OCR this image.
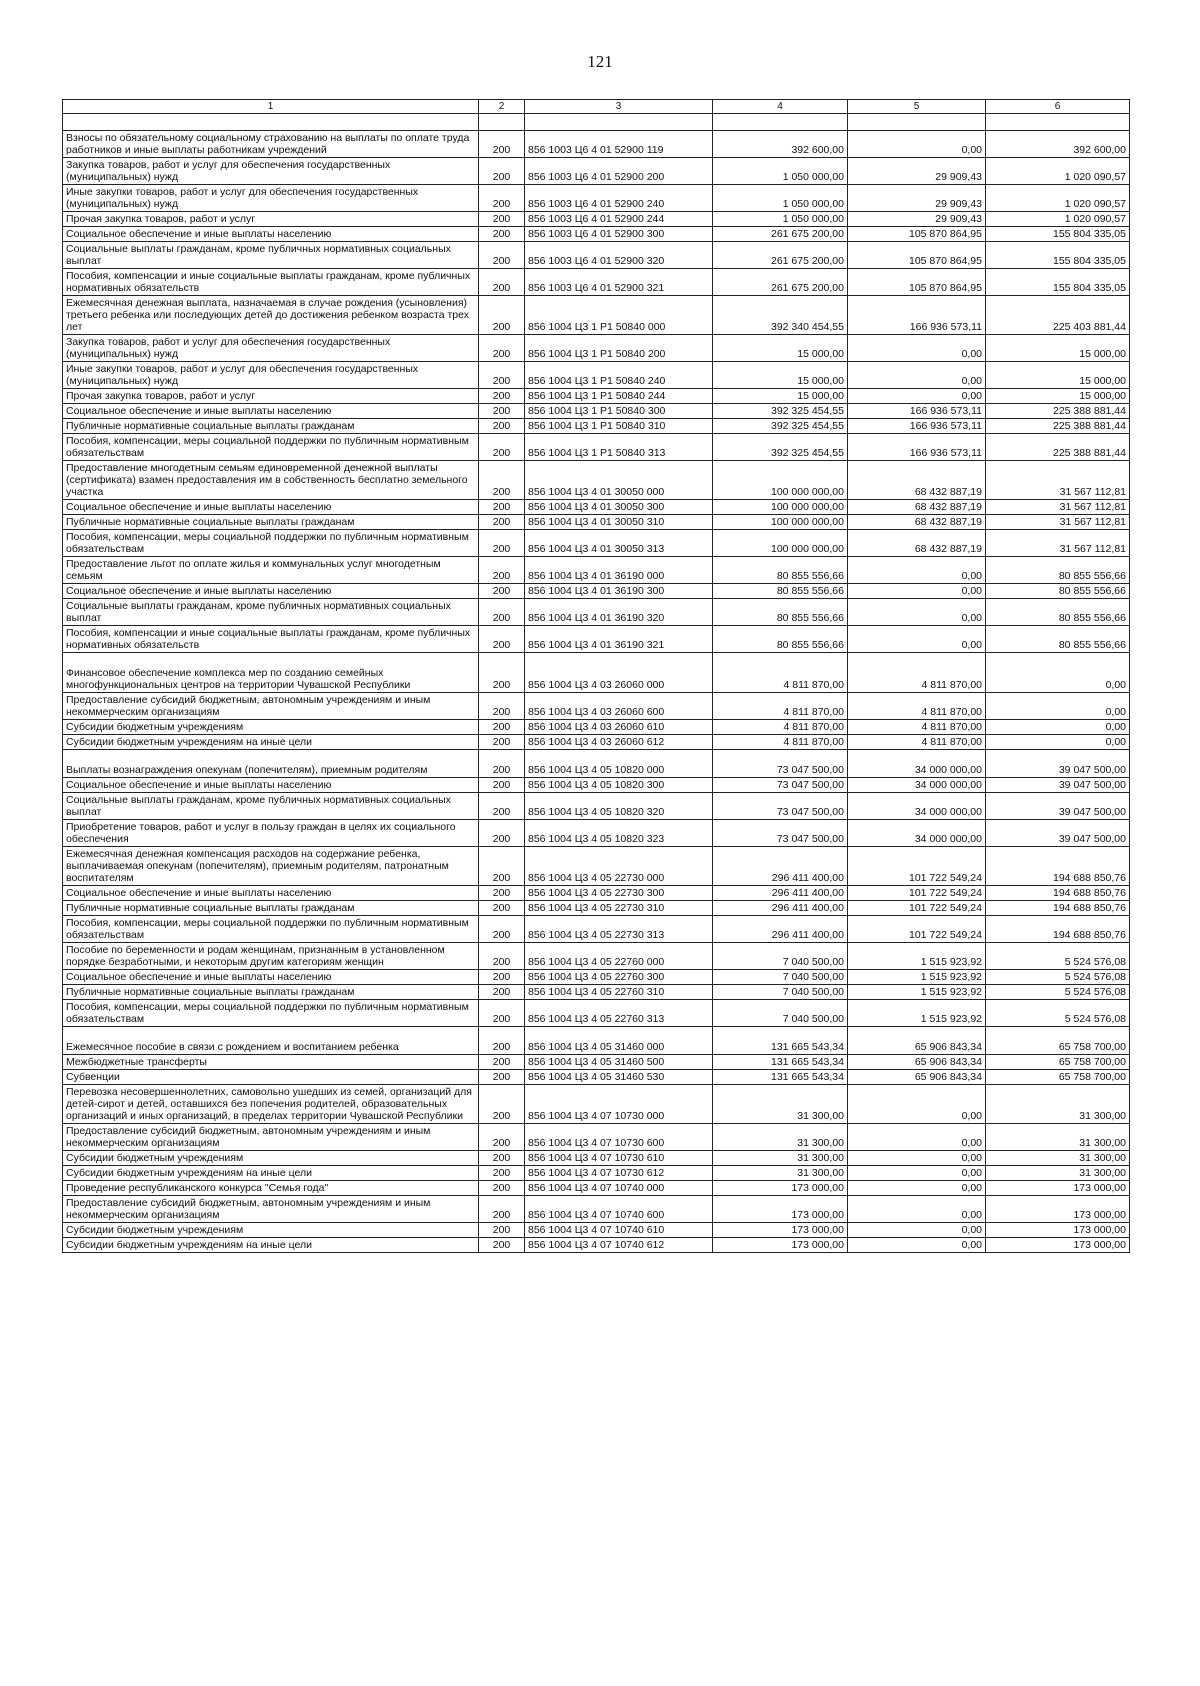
121
1	2	3	4	5	6

Взносы по обязательному социальному страхованию на выплаты по оплате труда работников и иные выплаты работникам учреждений	200	856 1003 Ц6 4 01 52900 119	392 600,00	0,00	392 600,00
Закупка товаров, работ и услуг для обеспечения государственных (муниципальных) нужд	200	856 1003 Ц6 4 01 52900 200	1 050 000,00	29 909,43	1 020 090,57
Иные закупки товаров, работ и услуг для обеспечения государственных (муниципальных) нужд	200	856 1003 Ц6 4 01 52900 240	1 050 000,00	29 909,43	1 020 090,57
Прочая закупка товаров, работ и услуг	200	856 1003 Ц6 4 01 52900 244	1 050 000,00	29 909,43	1 020 090,57
Социальное обеспечение и иные выплаты населению	200	856 1003 Ц6 4 01 52900 300	261 675 200,00	105 870 864,95	155 804 335,05
Социальные выплаты гражданам, кроме публичных нормативных социальных выплат	200	856 1003 Ц6 4 01 52900 320	261 675 200,00	105 870 864,95	155 804 335,05
Пособия, компенсации и иные социальные выплаты гражданам, кроме публичных нормативных обязательств	200	856 1003 Ц6 4 01 52900 321	261 675 200,00	105 870 864,95	155 804 335,05
Ежемесячная денежная выплата, назначаемая в случае рождения (усыновления) третьего ребенка или последующих детей до достижения ребенком возраста трех лет	200	856 1004 Ц3 1 P1 50840 000	392 340 454,55	166 936 573,11	225 403 881,44
Закупка товаров, работ и услуг для обеспечения государственных (муниципальных) нужд	200	856 1004 Ц3 1 P1 50840 200	15 000,00	0,00	15 000,00
Иные закупки товаров, работ и услуг для обеспечения государственных (муниципальных) нужд	200	856 1004 Ц3 1 P1 50840 240	15 000,00	0,00	15 000,00
Прочая закупка товаров, работ и услуг	200	856 1004 Ц3 1 P1 50840 244	15 000,00	0,00	15 000,00
Социальное обеспечение и иные выплаты населению	200	856 1004 Ц3 1 P1 50840 300	392 325 454,55	166 936 573,11	225 388 881,44
Публичные нормативные социальные выплаты гражданам	200	856 1004 Ц3 1 P1 50840 310	392 325 454,55	166 936 573,11	225 388 881,44
Пособия, компенсации, меры социальной поддержки по публичным нормативным обязательствам	200	856 1004 Ц3 1 P1 50840 313	392 325 454,55	166 936 573,11	225 388 881,44
Предоставление многодетным семьям единовременной денежной выплаты (сертификата) взамен предоставления им в собственность бесплатно земельного участка	200	856 1004 Ц3 4 01 30050 000	100 000 000,00	68 432 887,19	31 567 112,81
Социальное обеспечение и иные выплаты населению	200	856 1004 Ц3 4 01 30050 300	100 000 000,00	68 432 887,19	31 567 112,81
Публичные нормативные социальные выплаты гражданам	200	856 1004 Ц3 4 01 30050 310	100 000 000,00	68 432 887,19	31 567 112,81
Пособия, компенсации, меры социальной поддержки по публичным нормативным обязательствам	200	856 1004 Ц3 4 01 30050 313	100 000 000,00	68 432 887,19	31 567 112,81
Предоставление льгот по оплате жилья и коммунальных услуг многодетным семьям	200	856 1004 Ц3 4 01 36190 000	80 855 556,66	0,00	80 855 556,66
Социальное обеспечение и иные выплаты населению	200	856 1004 Ц3 4 01 36190 300	80 855 556,66	0,00	80 855 556,66
Социальные выплаты гражданам, кроме публичных нормативных социальных выплат	200	856 1004 Ц3 4 01 36190 320	80 855 556,66	0,00	80 855 556,66
Пособия, компенсации и иные социальные выплаты гражданам, кроме публичных нормативных обязательств	200	856 1004 Ц3 4 01 36190 321	80 855 556,66	0,00	80 855 556,66
Финансовое обеспечение комплекса мер по созданию семейных многофункциональных центров на территории Чувашской Республики	200	856 1004 Ц3 4 03 26060 000	4 811 870,00	4 811 870,00	0,00
Предоставление субсидий бюджетным, автономным учреждениям и иным некоммерческим организациям	200	856 1004 Ц3 4 03 26060 600	4 811 870,00	4 811 870,00	0,00
Субсидии бюджетным учреждениям	200	856 1004 Ц3 4 03 26060 610	4 811 870,00	4 811 870,00	0,00
Субсидии бюджетным учреждениям на иные цели	200	856 1004 Ц3 4 03 26060 612	4 811 870,00	4 811 870,00	0,00
Выплаты вознаграждения опекунам (попечителям), приемным родителям	200	856 1004 Ц3 4 05 10820 000	73 047 500,00	34 000 000,00	39 047 500,00
Социальное обеспечение и иные выплаты населению	200	856 1004 Ц3 4 05 10820 300	73 047 500,00	34 000 000,00	39 047 500,00
Социальные выплаты гражданам, кроме публичных нормативных социальных выплат	200	856 1004 Ц3 4 05 10820 320	73 047 500,00	34 000 000,00	39 047 500,00
Приобретение товаров, работ и услуг в пользу граждан в целях их социального обеспечения	200	856 1004 Ц3 4 05 10820 323	73 047 500,00	34 000 000,00	39 047 500,00
Ежемесячная денежная компенсация расходов на содержание ребенка, выплачиваемая опекунам (попечителям), приемным родителям, патронатным воспитателям	200	856 1004 Ц3 4 05 22730 000	296 411 400,00	101 722 549,24	194 688 850,76
Социальное обеспечение и иные выплаты населению	200	856 1004 Ц3 4 05 22730 300	296 411 400,00	101 722 549,24	194 688 850,76
Публичные нормативные социальные выплаты гражданам	200	856 1004 Ц3 4 05 22730 310	296 411 400,00	101 722 549,24	194 688 850,76
Пособия, компенсации, меры социальной поддержки по публичным нормативным обязательствам	200	856 1004 Ц3 4 05 22730 313	296 411 400,00	101 722 549,24	194 688 850,76
Пособие по беременности и родам женщинам, признанным в установленном порядке безработными, и некоторым другим категориям женщин	200	856 1004 Ц3 4 05 22760 000	7 040 500,00	1 515 923,92	5 524 576,08
Социальное обеспечение и иные выплаты населению	200	856 1004 Ц3 4 05 22760 300	7 040 500,00	1 515 923,92	5 524 576,08
Публичные нормативные социальные выплаты гражданам	200	856 1004 Ц3 4 05 22760 310	7 040 500,00	1 515 923,92	5 524 576,08
Пособия, компенсации, меры социальной поддержки по публичным нормативным обязательствам	200	856 1004 Ц3 4 05 22760 313	7 040 500,00	1 515 923,92	5 524 576,08
Ежемесячное пособие в связи с рождением и воспитанием ребенка	200	856 1004 Ц3 4 05 31460 000	131 665 543,34	65 906 843,34	65 758 700,00
Межбюджетные трансферты	200	856 1004 Ц3 4 05 31460 500	131 665 543,34	65 906 843,34	65 758 700,00
Субвенции	200	856 1004 Ц3 4 05 31460 530	131 665 543,34	65 906 843,34	65 758 700,00
Перевозка несовершеннолетних, самовольно ушедших из семей, организаций для детей-сирот и детей, оставшихся без попечения родителей, образовательных организаций и иных организаций, в пределах территории Чувашской Республики	200	856 1004 Ц3 4 07 10730 000	31 300,00	0,00	31 300,00
Предоставление субсидий бюджетным, автономным учреждениям и иным некоммерческим организациям	200	856 1004 Ц3 4 07 10730 600	31 300,00	0,00	31 300,00
Субсидии бюджетным учреждениям	200	856 1004 Ц3 4 07 10730 610	31 300,00	0,00	31 300,00
Субсидии бюджетным учреждениям на иные цели	200	856 1004 Ц3 4 07 10730 612	31 300,00	0,00	31 300,00
Проведение республиканского конкурса "Семья года"	200	856 1004 Ц3 4 07 10740 000	173 000,00	0,00	173 000,00
Предоставление субсидий бюджетным, автономным учреждениям и иным некоммерческим организациям	200	856 1004 Ц3 4 07 10740 600	173 000,00	0,00	173 000,00
Субсидии бюджетным учреждениям	200	856 1004 Ц3 4 07 10740 610	173 000,00	0,00	173 000,00
Субсидии бюджетным учреждениям на иные цели	200	856 1004 Ц3 4 07 10740 612	173 000,00	0,00	173 000,00
